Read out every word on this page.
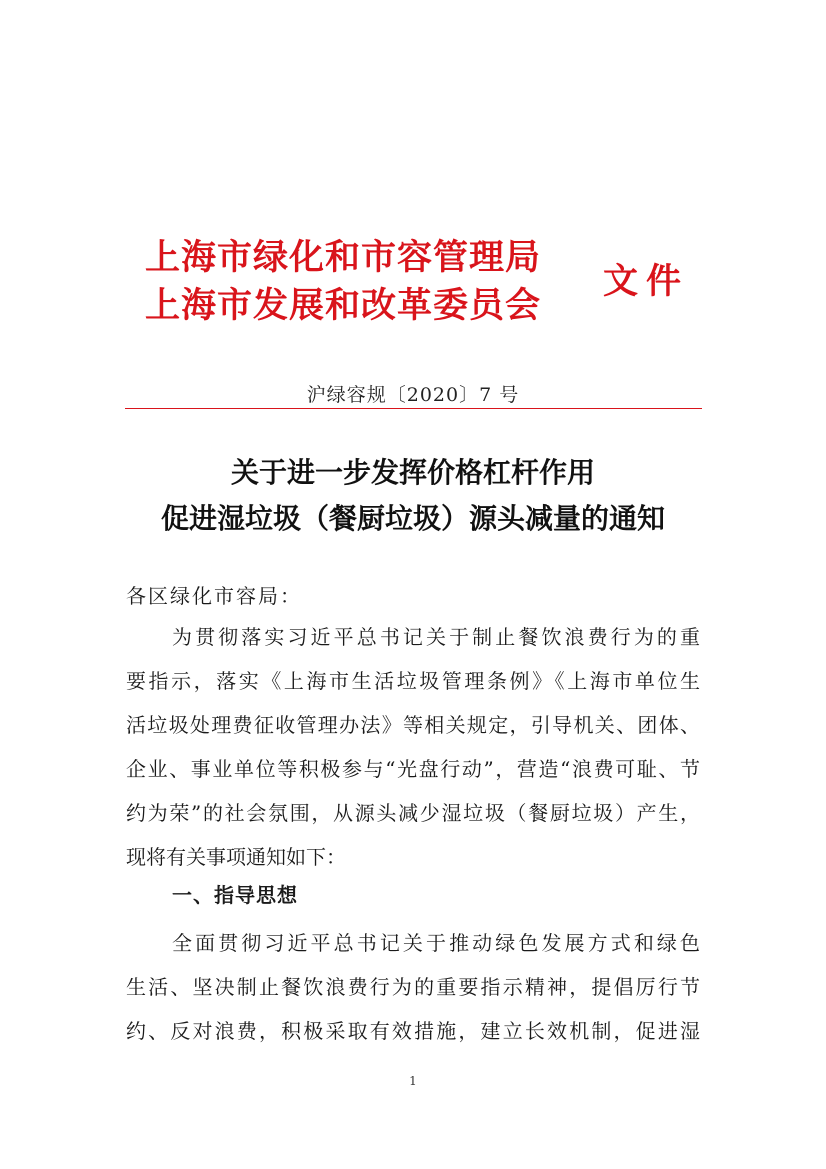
上海市绿化和市容管理局
上海市发展和改革委员会
文件
沪绿容规〔2020〕7 号
关于进一步发挥价格杠杆作用
促进湿垃圾（餐厨垃圾）源头减量的通知
各区绿化市容局：
为贯彻落实习近平总书记关于制止餐饮浪费行为的重
要指示，落实《上海市生活垃圾管理条例》《上海市单位生
活垃圾处理费征收管理办法》等相关规定，引导机关、团体、
企业、事业单位等积极参与“光盘行动”，营造“浪费可耻、节
约为荣”的社会氛围，从源头减少湿垃圾（餐厨垃圾）产生，
现将有关事项通知如下：
一、指导思想
全面贯彻习近平总书记关于推动绿色发展方式和绿色
生活、坚决制止餐饮浪费行为的重要指示精神，提倡厉行节
约、反对浪费，积极采取有效措施，建立长效机制，促进湿
1
